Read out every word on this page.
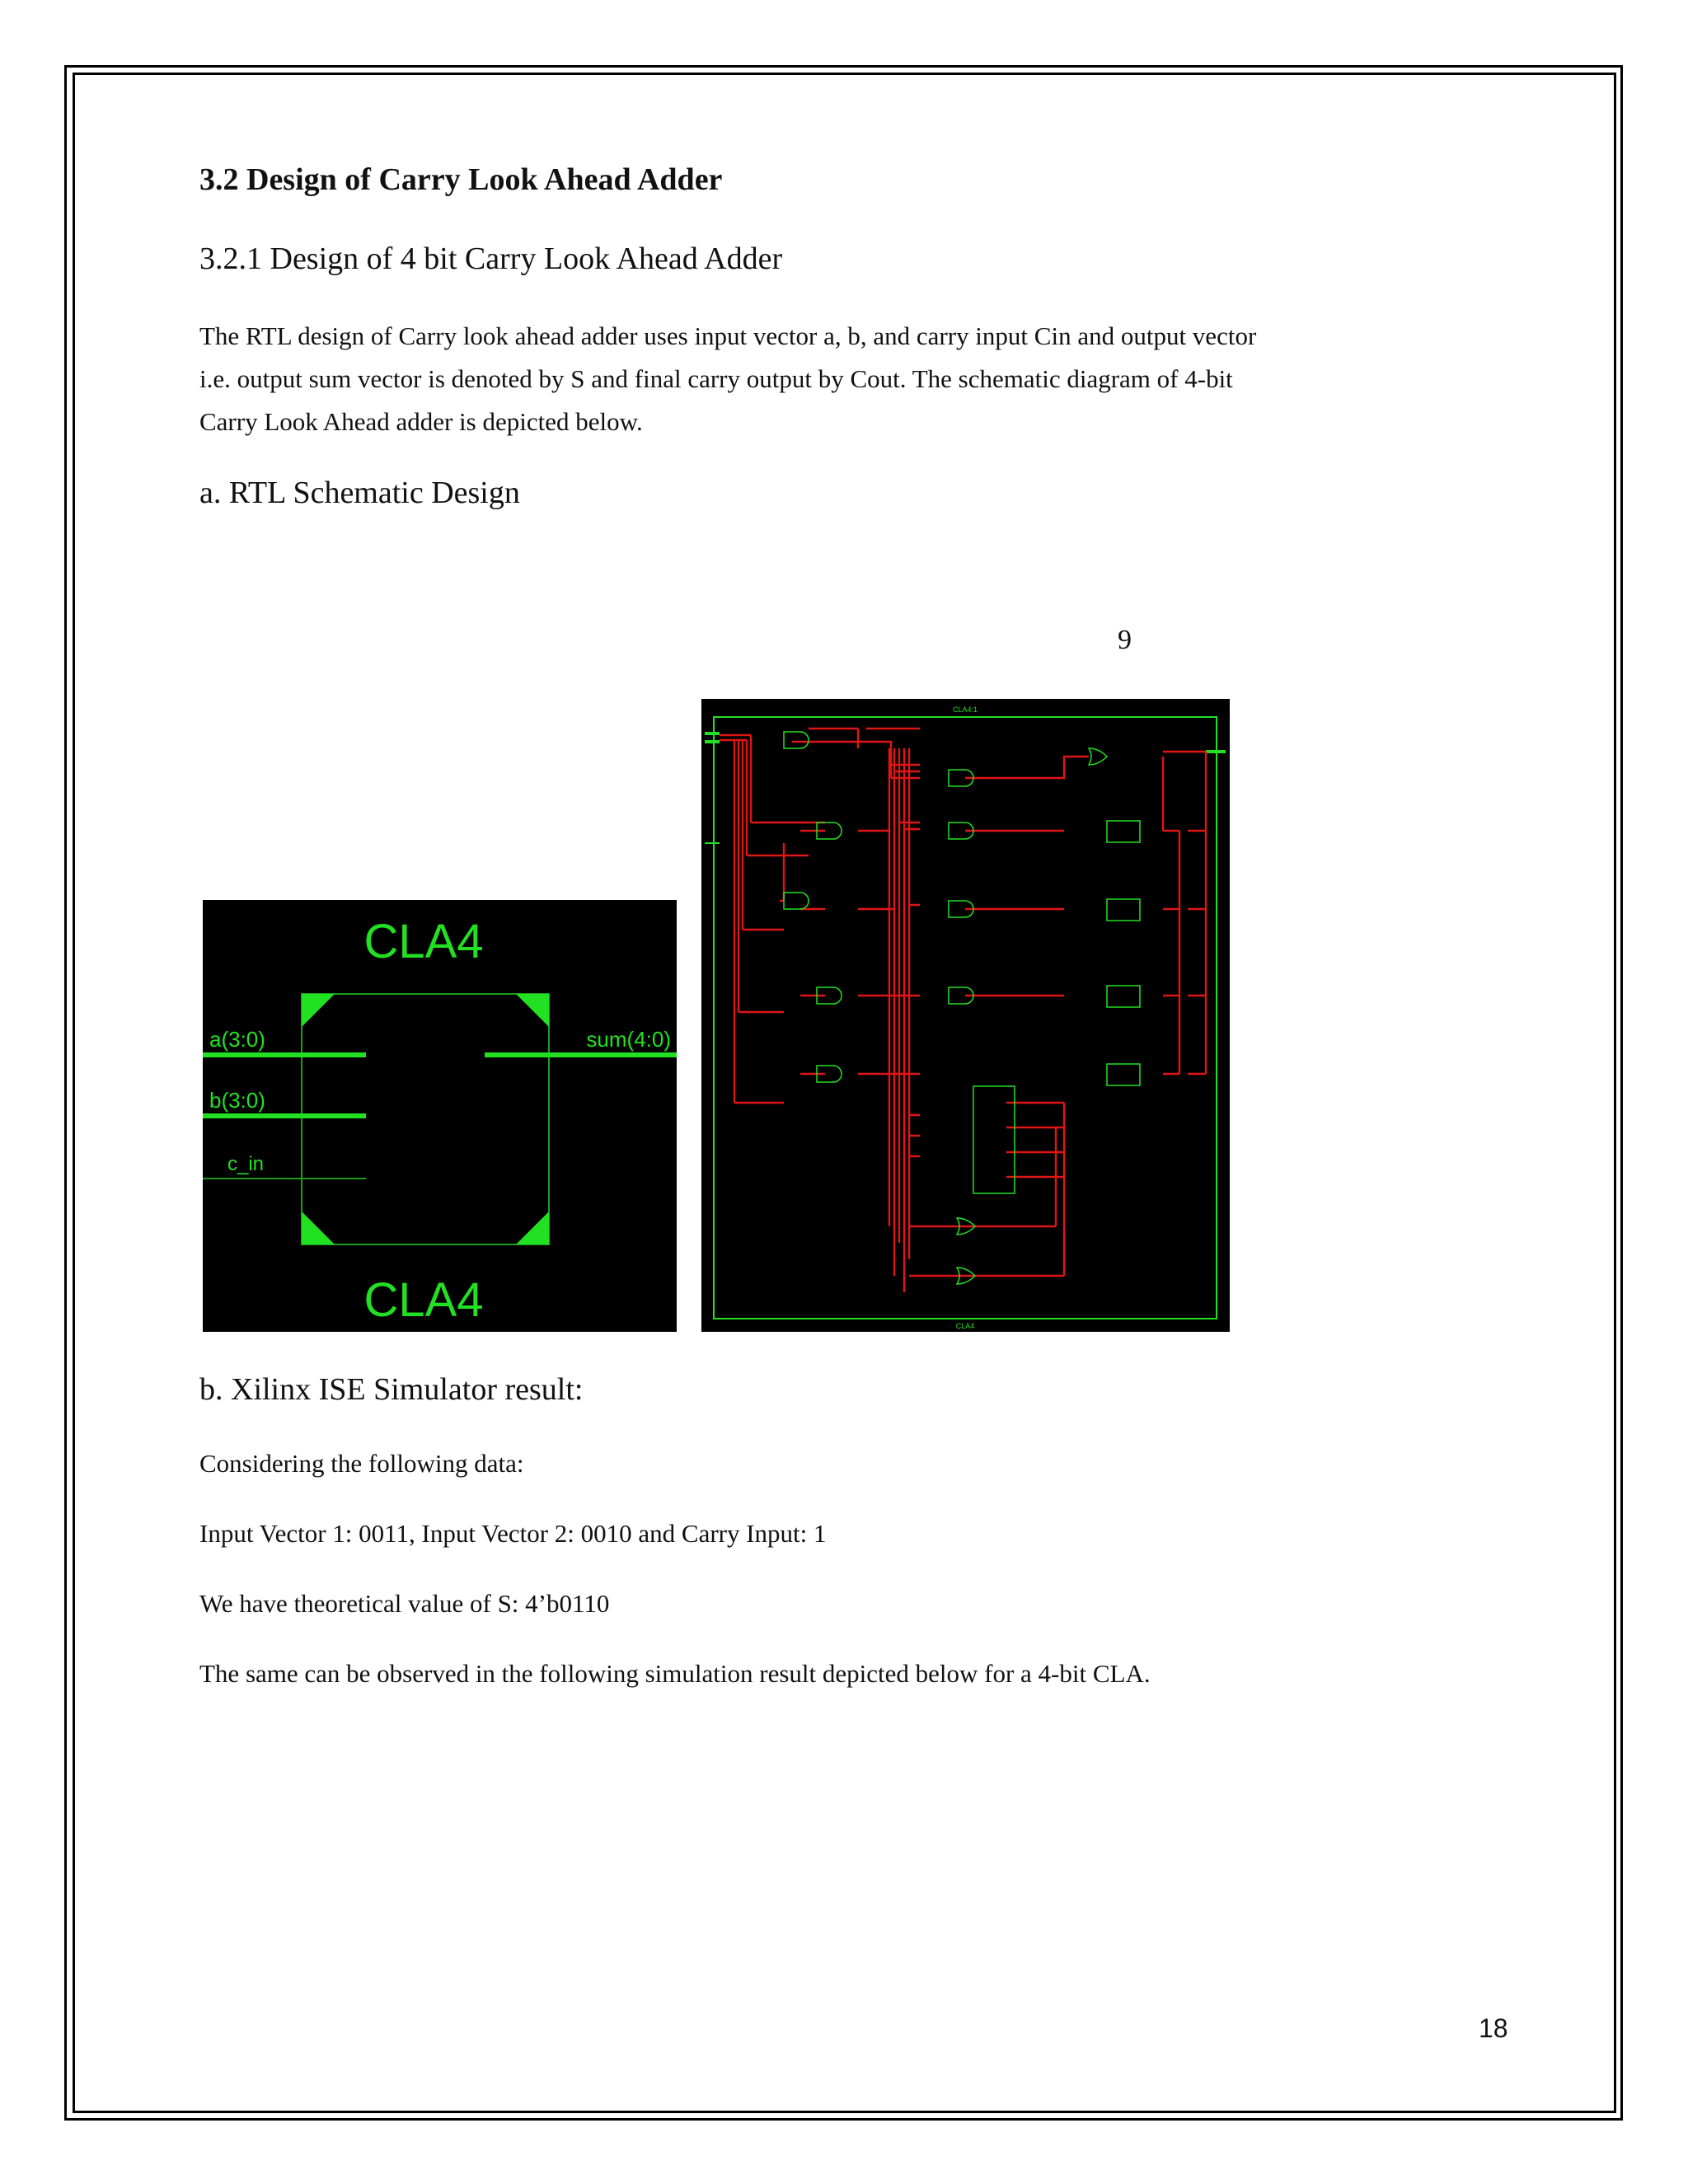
3.2 Design of Carry Look Ahead Adder
3.2.1 Design of 4 bit Carry Look Ahead Adder
The RTL design of Carry look ahead adder uses input vector a, b, and carry input Cin and output vector
i.e. output sum vector is denoted by S and final carry output by Cout. The schematic diagram of 4-bit
Carry Look Ahead adder is depicted below.
a. RTL Schematic Design
9
CLA4
a(3:0)
b(3:0)
c_in
sum(4:0)
CLA4
CLA4:1
CLA4
b. Xilinx ISE Simulator result:
Considering the following data:
Input Vector 1: 0011, Input Vector 2: 0010 and Carry Input: 1
We have theoretical value of S: 4’b0110
The same can be observed in the following simulation result depicted below for a 4-bit CLA.
18
